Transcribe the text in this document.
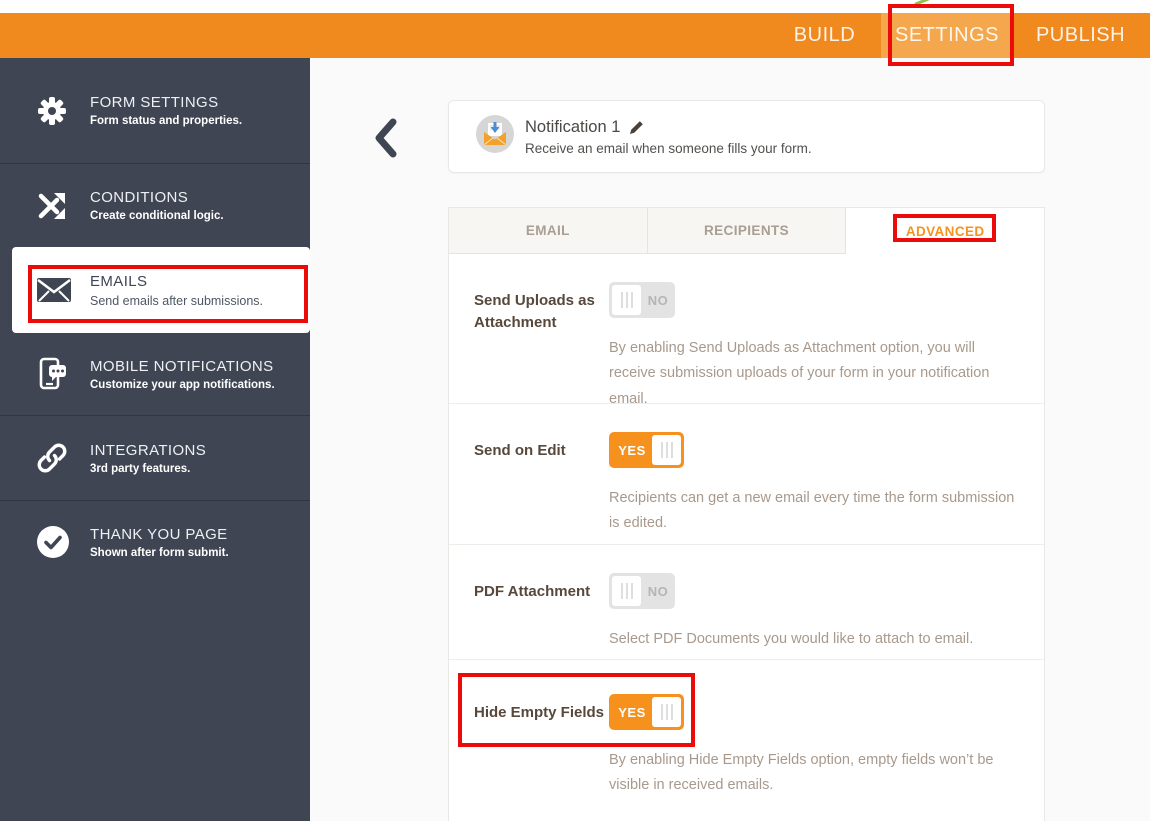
BUILD	SETTINGS	PUBLISH
FORM SETTINGS
Form status and properties.
CONDITIONS
Create conditional logic.
EMAILS
Send emails after submissions.
MOBILE NOTIFICATIONS
Customize your app notifications.
INTEGRATIONS
3rd party features.
THANK YOU PAGE
Shown after form submit.
Notification 1
Receive an email when someone fills your form.
EMAIL	RECIPIENTS	ADVANCED
Send Uploads as Attachment
NO
By enabling Send Uploads as Attachment option, you will receive submission uploads of your form in your notification email.
Send on Edit	YES
Recipients can get a new email every time the form submission is edited.
PDF Attachment	NO
Select PDF Documents you would like to attach to email.
Hide Empty Fields	YES
By enabling Hide Empty Fields option, empty fields won’t be visible in received emails.
